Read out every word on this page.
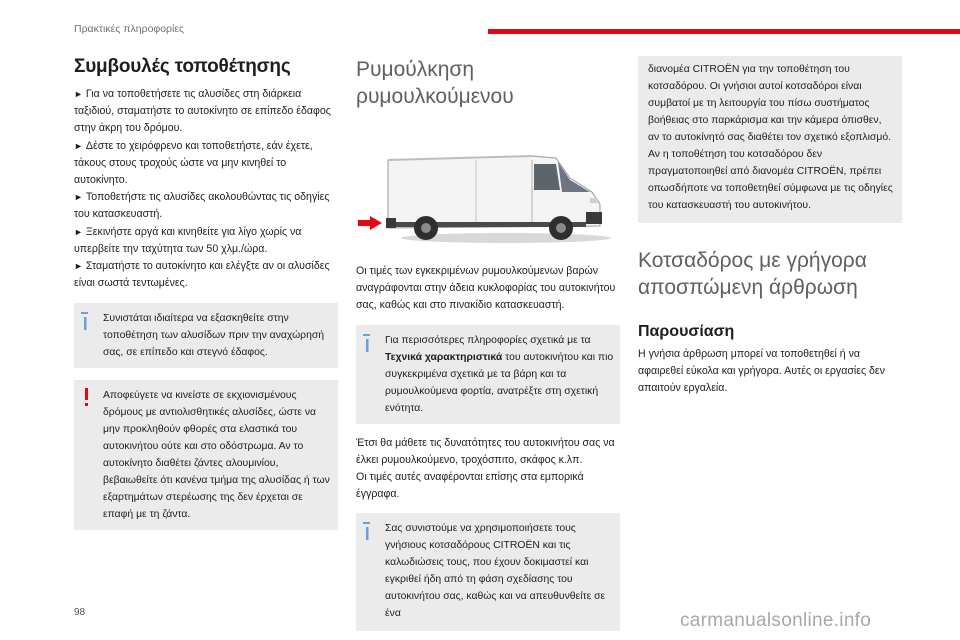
Πρακτικές πληροφορίες
Συμβουλές τοποθέτησης
► Για να τοποθετήσετε τις αλυσίδες στη διάρκεια ταξιδιού, σταματήστε το αυτοκίνητο σε επίπεδο έδαφος στην άκρη του δρόμου.
► Δέστε το χειρόφρενο και τοποθετήστε, εάν έχετε, τάκους στους τροχούς ώστε να μην κινηθεί το αυτοκίνητο.
► Τοποθετήστε τις αλυσίδες ακολουθώντας τις οδηγίες του κατασκευαστή.
► Ξεκινήστε αργά και κινηθείτε για λίγο χωρίς να υπερβείτε την ταχύτητα των 50 χλμ./ώρα.
► Σταματήστε το αυτοκίνητο και ελέγξτε αν οι αλυσίδες είναι σωστά τεντωμένες.

Συνιστάται ιδιαίτερα να εξασκηθείτε στην τοποθέτηση των αλυσίδων πριν την αναχώρησή σας, σε επίπεδο και στεγνό έδαφος.

Αποφεύγετε να κινείστε σε εκχιονισμένους δρόμους με αντιολισθητικές αλυσίδες, ώστε να μην προκληθούν φθορές στα ελαστικά του αυτοκινήτου ούτε και στο οδόστρωμα. Αν το αυτοκίνητο διαθέτει ζάντες αλουμινίου, βεβαιωθείτε ότι κανένα τμήμα της αλυσίδας ή των εξαρτημάτων στερέωσης της δεν έρχεται σε επαφή με τη ζάντα.

Ρυμούλκηση ρυμουλκούμενου

Οι τιμές των εγκεκριμένων ρυμουλκούμενων βαρών αναγράφονται στην άδεια κυκλοφορίας του αυτοκινήτου σας, καθώς και στο πινακίδιο κατασκευαστή.

Για περισσότερες πληροφορίες σχετικά με τα Τεχνικά χαρακτηριστικά του αυτοκινήτου και πιο συγκεκριμένα σχετικά με τα βάρη και τα ρυμουλκούμενα φορτία, ανατρέξτε στη σχετική ενότητα.

Έτσι θα μάθετε τις δυνατότητες του αυτοκινήτου σας να έλκει ρυμουλκούμενο, τροχόσπιτο, σκάφος κ.λπ.

Οι τιμές αυτές αναφέρονται επίσης στα εμπορικά έγγραφα.

Σας συνιστούμε να χρησιμοποιήσετε τους γνήσιους κοτσαδόρους CITROËN και τις καλωδιώσεις τους, που έχουν δοκιμαστεί και εγκριθεί ήδη από τη φάση σχεδίασης του αυτοκινήτου σας, καθώς και να απευθυνθείτε σε ένα

διανομέα CITROËN για την τοποθέτηση του κοτσαδόρου. Οι γνήσιοι αυτοί κοτσαδόροι είναι συμβατοί με τη λειτουργία του πίσω συστήματος βοήθειας στο παρκάρισμα και την κάμερα όπισθεν, αν το αυτοκίνητό σας διαθέτει τον σχετικό εξοπλισμό. Αν η τοποθέτηση του κοτσαδόρου δεν πραγματοποιηθεί από διανομέα CITROËN, πρέπει οπωσδήποτε να τοποθετηθεί σύμφωνα με τις οδηγίες του κατασκευαστή του αυτοκινήτου.

Κοτσαδόρος με γρήγορα αποσπώμενη άρθρωση
Παρουσίαση

Η γνήσια άρθρωση μπορεί να τοποθετηθεί ή να αφαιρεθεί εύκολα και γρήγορα. Αυτές οι εργασίες δεν απαιτούν εργαλεία.

98	carmanualsonline.info
